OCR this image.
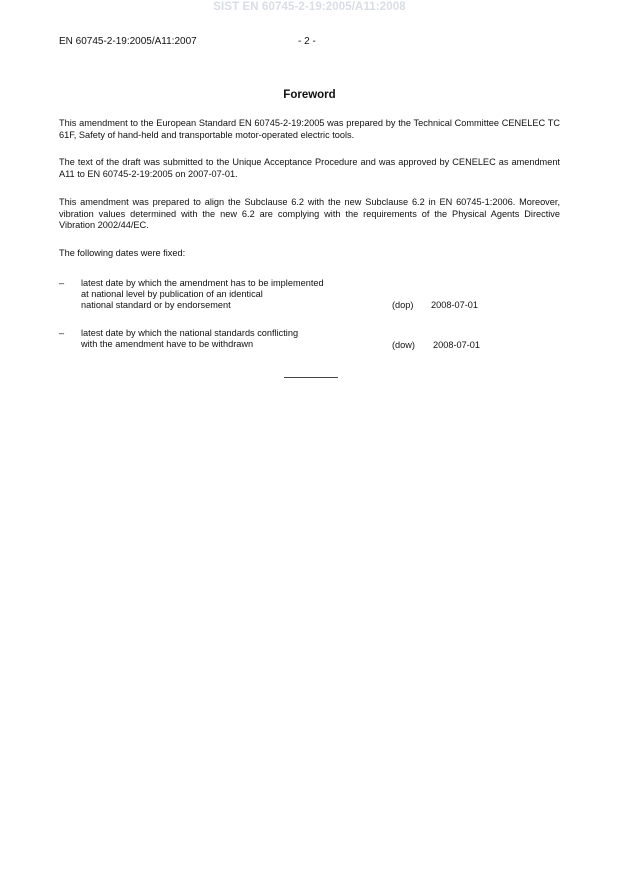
SIST EN 60745-2-19:2005/A11:2008
EN 60745-2-19:2005/A11:2007	- 2 -
Foreword
This amendment to the European Standard EN 60745-2-19:2005 was prepared by the Technical Committee CENELEC TC 61F, Safety of hand-held and transportable motor-operated electric tools.
The text of the draft was submitted to the Unique Acceptance Procedure and was approved by CENELEC as amendment A11 to EN 60745-2-19:2005 on 2007-07-01.
This amendment was prepared to align the Subclause 6.2 with the new Subclause 6.2 in EN 60745-1:2006. Moreover, vibration values determined with the new 6.2 are complying with the requirements of the Physical Agents Directive Vibration 2002/44/EC.
The following dates were fixed:
– latest date by which the amendment has to be implemented
at national level by publication of an identical
national standard or by endorsement	(dop) 2008-07-01
– latest date by which the national standards conflicting
with the amendment have to be withdrawn	(dow) 2008-07-01
